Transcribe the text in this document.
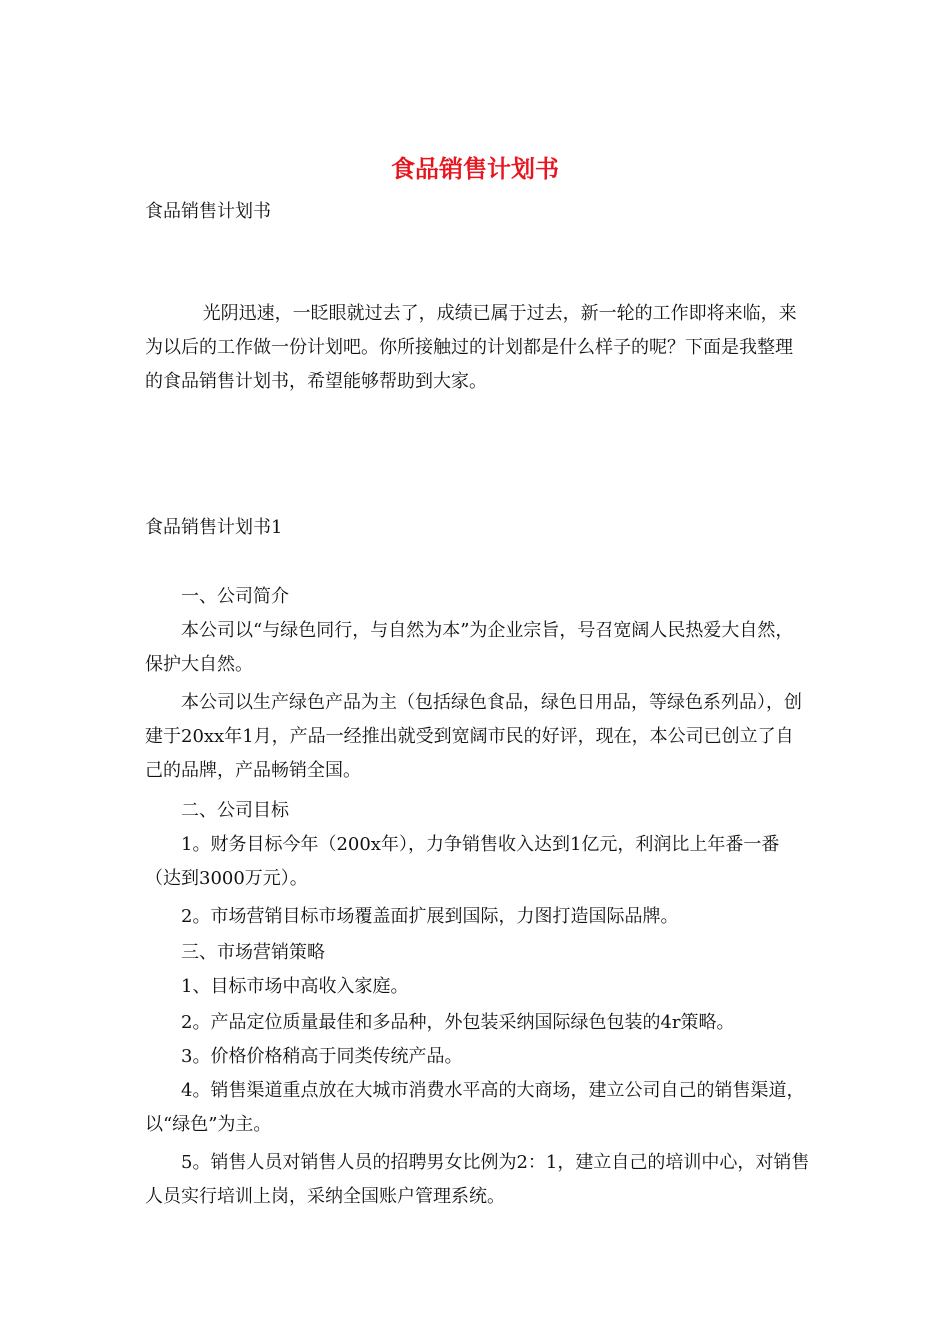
食品销售计划书

食品销售计划书

光阴迅速，一眨眼就过去了，成绩已属于过去，新一轮的工作即将来临，来为以后的工作做一份计划吧。你所接触过的计划都是什么样子的呢？下面是我整理的食品销售计划书，希望能够帮助到大家。

食品销售计划书1

一、公司简介

本公司以“与绿色同行，与自然为本”为企业宗旨，号召宽阔人民热爱大自然，保护大自然。

本公司以生产绿色产品为主（包括绿色食品，绿色日用品，等绿色系列品），创建于20xx年1月，产品一经推出就受到宽阔市民的好评，现在，本公司已创立了自己的品牌，产品畅销全国。

二、公司目标

1。财务目标今年（200x年），力争销售收入达到1亿元，利润比上年番一番（达到3000万元）。

2。市场营销目标市场覆盖面扩展到国际，力图打造国际品牌。

三、市场营销策略

1、目标市场中高收入家庭。

2。产品定位质量最佳和多品种，外包装采纳国际绿色包装的4r策略。

3。价格价格稍高于同类传统产品。

4。销售渠道重点放在大城市消费水平高的大商场，建立公司自己的销售渠道，以“绿色”为主。

5。销售人员对销售人员的招聘男女比例为2：1，建立自己的培训中心，对销售人员实行培训上岗，采纳全国账户管理系统。
